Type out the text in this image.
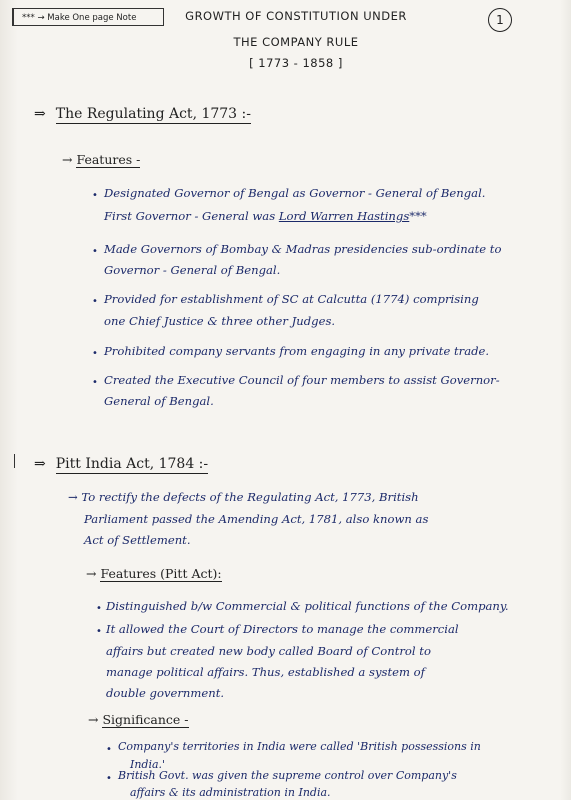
*** → Make One page Note	GROWTH OF CONSTITUTION UNDER
THE COMPANY RULE
[ 1773 - 1858 ]
1
⇒ The Regulating Act, 1773 :-
→ Features -
• Designated Governor of Bengal as Governor - General of Bengal.
First Governor - General was Lord Warren Hastings***
• Made Governors of Bombay & Madras presidencies sub-ordinate to
Governor - General of Bengal.
• Provided for establishment of SC at Calcutta (1774) comprising
one Chief Justice & three other Judges.
• Prohibited company servants from engaging in any private trade.
• Created the Executive Council of four members to assist Governor-
General of Bengal.
⇒ Pitt India Act, 1784 :-
→ To rectify the defects of the Regulating Act, 1773, British
Parliament passed the Amending Act, 1781, also known as
Act of Settlement.
→ Features (Pitt Act):
• Distinguished b/w Commercial & political functions of the Company.
• It allowed the Court of Directors to manage the commercial
affairs but created new body called Board of Control to
manage political affairs. Thus, established a system of
double government.
→ Significance -
• Company's territories in India were called 'British possessions in
India.'
• British Govt. was given the supreme control over Company's
affairs & its administration in India.
